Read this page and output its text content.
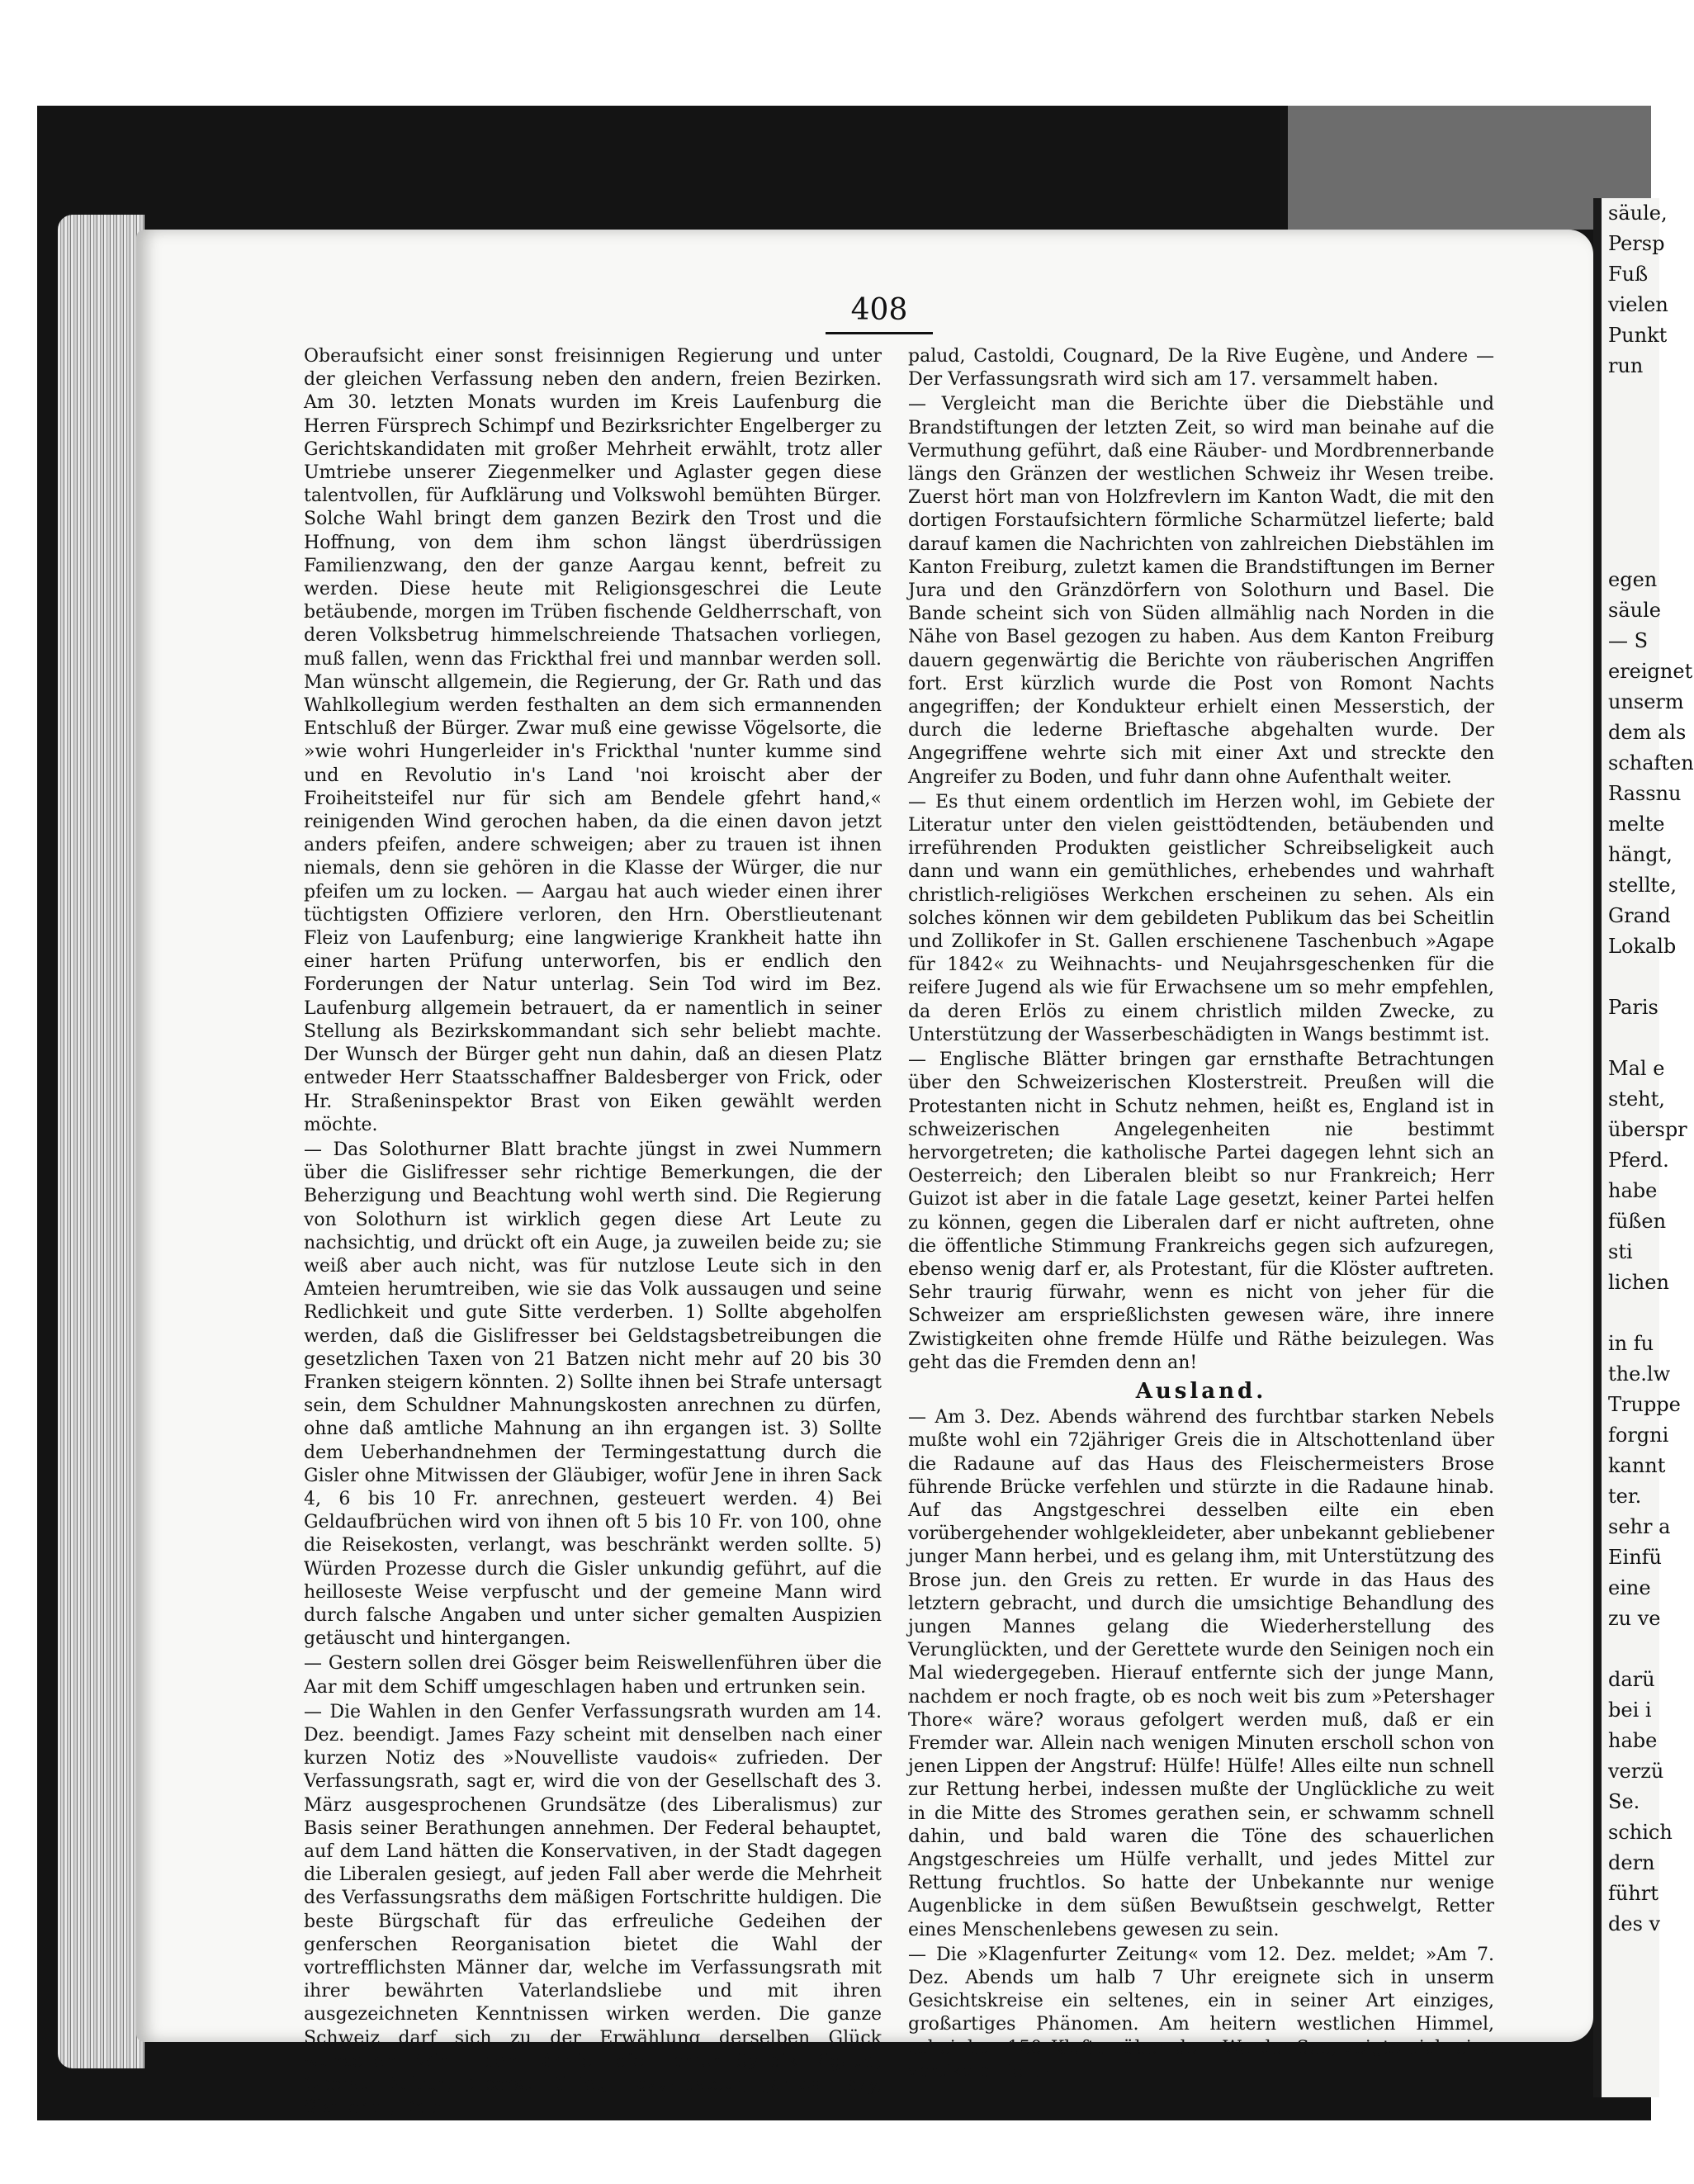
säule,
Persp
Fuß
vielen
Punkt
run

egen
säule
— S
ereignet
unserm
dem als
schaften
Rassnu
melte
hängt,
stellte,
Grand
Lokalb

Paris

Mal e
steht,
überspr
Pferd.
habe
füßen
sti
lichen

in fu
the.lw
Truppe
forgni
kannt
ter.
sehr a
Einfü
eine
zu ve

darü
bei i
habe
verzü
Se.
schich
dern
führt
des v
408

Oberaufsicht einer sonst freisinnigen Regierung und unter der gleichen Verfassung neben den andern, freien Bezirken. Am 30. letzten Monats wurden im Kreis Laufenburg die Herren Fürsprech Schimpf und Bezirksrichter Engelberger zu Gerichtskandidaten mit großer Mehrheit erwählt, trotz aller Umtriebe unserer Ziegenmelker und Aglaster gegen diese talentvollen, für Aufklärung und Volkswohl bemühten Bürger. Solche Wahl bringt dem ganzen Bezirk den Trost und die Hoffnung, von dem ihm schon längst überdrüssigen Familienzwang, den der ganze Aargau kennt, befreit zu werden. Diese heute mit Religionsgeschrei die Leute betäubende, morgen im Trüben fischende Geldherrschaft, von deren Volksbetrug himmelschreiende Thatsachen vorliegen, muß fallen, wenn das Frickthal frei und mannbar werden soll. Man wünscht allgemein, die Regierung, der Gr. Rath und das Wahlkollegium werden festhalten an dem sich ermannenden Entschluß der Bürger. Zwar muß eine gewisse Vögelsorte, die »wie wohri Hungerleider in's Frickthal 'nunter kumme sind und en Revolutio in's Land 'noi kroischt aber der Froiheitsteifel nur für sich am Bendele gfehrt hand,« reinigenden Wind gerochen haben, da die einen davon jetzt anders pfeifen, andere schweigen; aber zu trauen ist ihnen niemals, denn sie gehören in die Klasse der Würger, die nur pfeifen um zu locken. — Aargau hat auch wieder einen ihrer tüchtigsten Offiziere verloren, den Hrn. Oberstlieutenant Fleiz von Laufenburg; eine langwierige Krankheit hatte ihn einer harten Prüfung unterworfen, bis er endlich den Forderungen der Natur unterlag. Sein Tod wird im Bez. Laufenburg allgemein betrauert, da er namentlich in seiner Stellung als Bezirkskommandant sich sehr beliebt machte. Der Wunsch der Bürger geht nun dahin, daß an diesen Platz entweder Herr Staatsschaffner Baldesberger von Frick, oder Hr. Straßeninspektor Brast von Eiken gewählt werden möchte.

— Das Solothurner Blatt brachte jüngst in zwei Nummern über die Gislifresser sehr richtige Bemerkungen, die der Beherzigung und Beachtung wohl werth sind. Die Regierung von Solothurn ist wirklich gegen diese Art Leute zu nachsichtig, und drückt oft ein Auge, ja zuweilen beide zu; sie weiß aber auch nicht, was für nutzlose Leute sich in den Amteien herumtreiben, wie sie das Volk aussaugen und seine Redlichkeit und gute Sitte verderben. 1) Sollte abgeholfen werden, daß die Gislifresser bei Geldstagsbetreibungen die gesetzlichen Taxen von 21 Batzen nicht mehr auf 20 bis 30 Franken steigern könnten. 2) Sollte ihnen bei Strafe untersagt sein, dem Schuldner Mahnungskosten anrechnen zu dürfen, ohne daß amtliche Mahnung an ihn ergangen ist. 3) Sollte dem Ueberhandnehmen der Termingestattung durch die Gisler ohne Mitwissen der Gläubiger, wofür Jene in ihren Sack 4, 6 bis 10 Fr. anrechnen, gesteuert werden. 4) Bei Geldaufbrüchen wird von ihnen oft 5 bis 10 Fr. von 100, ohne die Reisekosten, verlangt, was beschränkt werden sollte. 5) Würden Prozesse durch die Gisler unkundig geführt, auf die heilloseste Weise verpfuscht und der gemeine Mann wird durch falsche Angaben und unter sicher gemalten Auspizien getäuscht und hintergangen.

— Gestern sollen drei Gösger beim Reiswellenführen über die Aar mit dem Schiff umgeschlagen haben und ertrunken sein.

— Die Wahlen in den Genfer Verfassungsrath wurden am 14. Dez. beendigt. James Fazy scheint mit denselben nach einer kurzen Notiz des »Nouvelliste vaudois« zufrieden. Der Verfassungsrath, sagt er, wird die von der Gesellschaft des 3. März ausgesprochenen Grundsätze (des Liberalismus) zur Basis seiner Berathungen annehmen. Der Federal behauptet, auf dem Land hätten die Konservativen, in der Stadt dagegen die Liberalen gesiegt, auf jeden Fall aber werde die Mehrheit des Verfassungsraths dem mäßigen Fortschritte huldigen. Die beste Bürgschaft für das erfreuliche Gedeihen der genferschen Reorganisation bietet die Wahl der vortrefflichsten Männer dar, welche im Verfassungsrath mit ihrer bewährten Vaterlandsliebe und mit ihren ausgezeichneten Kenntnissen wirken werden. Die ganze Schweiz darf sich zu der Erwählung derselben Glück wünschen. Wir finden nämlich die Herren Syndik Rigaud, Oberst Dufour, Oberst Rilliet, Fazy-Pasteur, James Fazy, Sismondi, Dela-

palud, Castoldi, Cougnard, De la Rive Eugène, und Andere — Der Verfassungsrath wird sich am 17. versammelt haben.

— Vergleicht man die Berichte über die Diebstähle und Brandstiftungen der letzten Zeit, so wird man beinahe auf die Vermuthung geführt, daß eine Räuber- und Mordbrennerbande längs den Gränzen der westlichen Schweiz ihr Wesen treibe. Zuerst hört man von Holzfrevlern im Kanton Wadt, die mit den dortigen Forstaufsichtern förmliche Scharmützel lieferte; bald darauf kamen die Nachrichten von zahlreichen Diebstählen im Kanton Freiburg, zuletzt kamen die Brandstiftungen im Berner Jura und den Gränzdörfern von Solothurn und Basel. Die Bande scheint sich von Süden allmählig nach Norden in die Nähe von Basel gezogen zu haben. Aus dem Kanton Freiburg dauern gegenwärtig die Berichte von räuberischen Angriffen fort. Erst kürzlich wurde die Post von Romont Nachts angegriffen; der Kondukteur erhielt einen Messerstich, der durch die lederne Brieftasche abgehalten wurde. Der Angegriffene wehrte sich mit einer Axt und streckte den Angreifer zu Boden, und fuhr dann ohne Aufenthalt weiter.

— Es thut einem ordentlich im Herzen wohl, im Gebiete der Literatur unter den vielen geisttödtenden, betäubenden und irreführenden Produkten geistlicher Schreibseligkeit auch dann und wann ein gemüthliches, erhebendes und wahrhaft christlich-religiöses Werkchen erscheinen zu sehen. Als ein solches können wir dem gebildeten Publikum das bei Scheitlin und Zollikofer in St. Gallen erschienene Taschenbuch »Agape für 1842« zu Weihnachts- und Neujahrsgeschenken für die reifere Jugend als wie für Erwachsene um so mehr empfehlen, da deren Erlös zu einem christlich milden Zwecke, zu Unterstützung der Wasserbeschädigten in Wangs bestimmt ist.

— Englische Blätter bringen gar ernsthafte Betrachtungen über den Schweizerischen Klosterstreit. Preußen will die Protestanten nicht in Schutz nehmen, heißt es, England ist in schweizerischen Angelegenheiten nie bestimmt hervorgetreten; die katholische Partei dagegen lehnt sich an Oesterreich; den Liberalen bleibt so nur Frankreich; Herr Guizot ist aber in die fatale Lage gesetzt, keiner Partei helfen zu können, gegen die Liberalen darf er nicht auftreten, ohne die öffentliche Stimmung Frankreichs gegen sich aufzuregen, ebenso wenig darf er, als Protestant, für die Klöster auftreten. Sehr traurig fürwahr, wenn es nicht von jeher für die Schweizer am ersprießlichsten gewesen wäre, ihre innere Zwistigkeiten ohne fremde Hülfe und Räthe beizulegen. Was geht das die Fremden denn an!

Ausland.

— Am 3. Dez. Abends während des furchtbar starken Nebels mußte wohl ein 72jähriger Greis die in Altschottenland über die Radaune auf das Haus des Fleischermeisters Brose führende Brücke verfehlen und stürzte in die Radaune hinab. Auf das Angstgeschrei desselben eilte ein eben vorübergehender wohlgekleideter, aber unbekannt gebliebener junger Mann herbei, und es gelang ihm, mit Unterstützung des Brose jun. den Greis zu retten. Er wurde in das Haus des letztern gebracht, und durch die umsichtige Behandlung des jungen Mannes gelang die Wiederherstellung des Verunglückten, und der Gerettete wurde den Seinigen noch ein Mal wiedergegeben. Hierauf entfernte sich der junge Mann, nachdem er noch fragte, ob es noch weit bis zum »Petershager Thore« wäre? woraus gefolgert werden muß, daß er ein Fremder war. Allein nach wenigen Minuten erscholl schon von jenen Lippen der Angstruf: Hülfe! Hülfe! Alles eilte nun schnell zur Rettung herbei, indessen mußte der Unglückliche zu weit in die Mitte des Stromes gerathen sein, er schwamm schnell dahin, und bald waren die Töne des schauerlichen Angstgeschreies um Hülfe verhallt, und jedes Mittel zur Rettung fruchtlos. So hatte der Unbekannte nur wenige Augenblicke in dem süßen Bewußtsein geschwelgt, Retter eines Menschenlebens gewesen zu sein.

— Die »Klagenfurter Zeitung« vom 12. Dez. meldet; »Am 7. Dez. Abends um halb 7 Uhr ereignete sich in unserm Gesichtskreise ein seltenes, ein in seiner Art einziges, großartiges Phänomen. Am heitern westlichen Himmel, scheinbar 150 Klafter über dem Werder-See, zeigte sich eine vertikale Licht-
